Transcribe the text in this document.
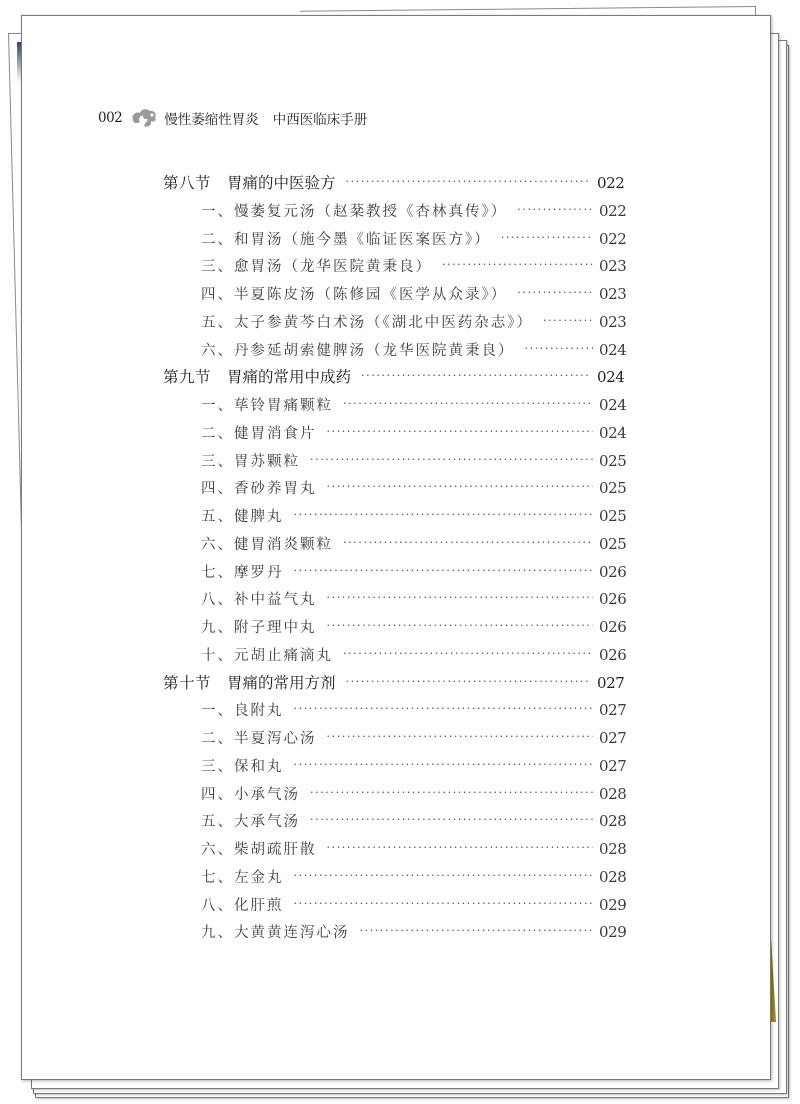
002	慢性萎缩性胃炎 中西医临床手册
第八节 胃痛的中医验方 ·····	022
一、慢萎复元汤（赵棻教授《杏林真传》） ·····	022
二、和胃汤（施今墨《临证医案医方》） ·····	022
三、愈胃汤（龙华医院黄秉良） ·····	023
四、半夏陈皮汤（陈修园《医学从众录》） ·····	023
五、太子参黄芩白术汤（《湖北中医药杂志》） ·····	023
六、丹参延胡索健脾汤（龙华医院黄秉良） ·····	024
第九节 胃痛的常用中成药 ·····	024
一、荜铃胃痛颗粒 ·····	024
二、健胃消食片 ·····	024
三、胃苏颗粒 ·····	025
四、香砂养胃丸 ·····	025
五、健脾丸 ·····	025
六、健胃消炎颗粒 ·····	025
七、摩罗丹 ·····	026
八、补中益气丸 ·····	026
九、附子理中丸 ·····	026
十、元胡止痛滴丸 ·····	026
第十节 胃痛的常用方剂 ·····	027
一、良附丸 ·····	027
二、半夏泻心汤 ·····	027
三、保和丸 ·····	027
四、小承气汤 ·····	028
五、大承气汤 ·····	028
六、柴胡疏肝散 ·····	028
七、左金丸 ·····	028
八、化肝煎 ·····	029
九、大黄黄连泻心汤 ·····	029
